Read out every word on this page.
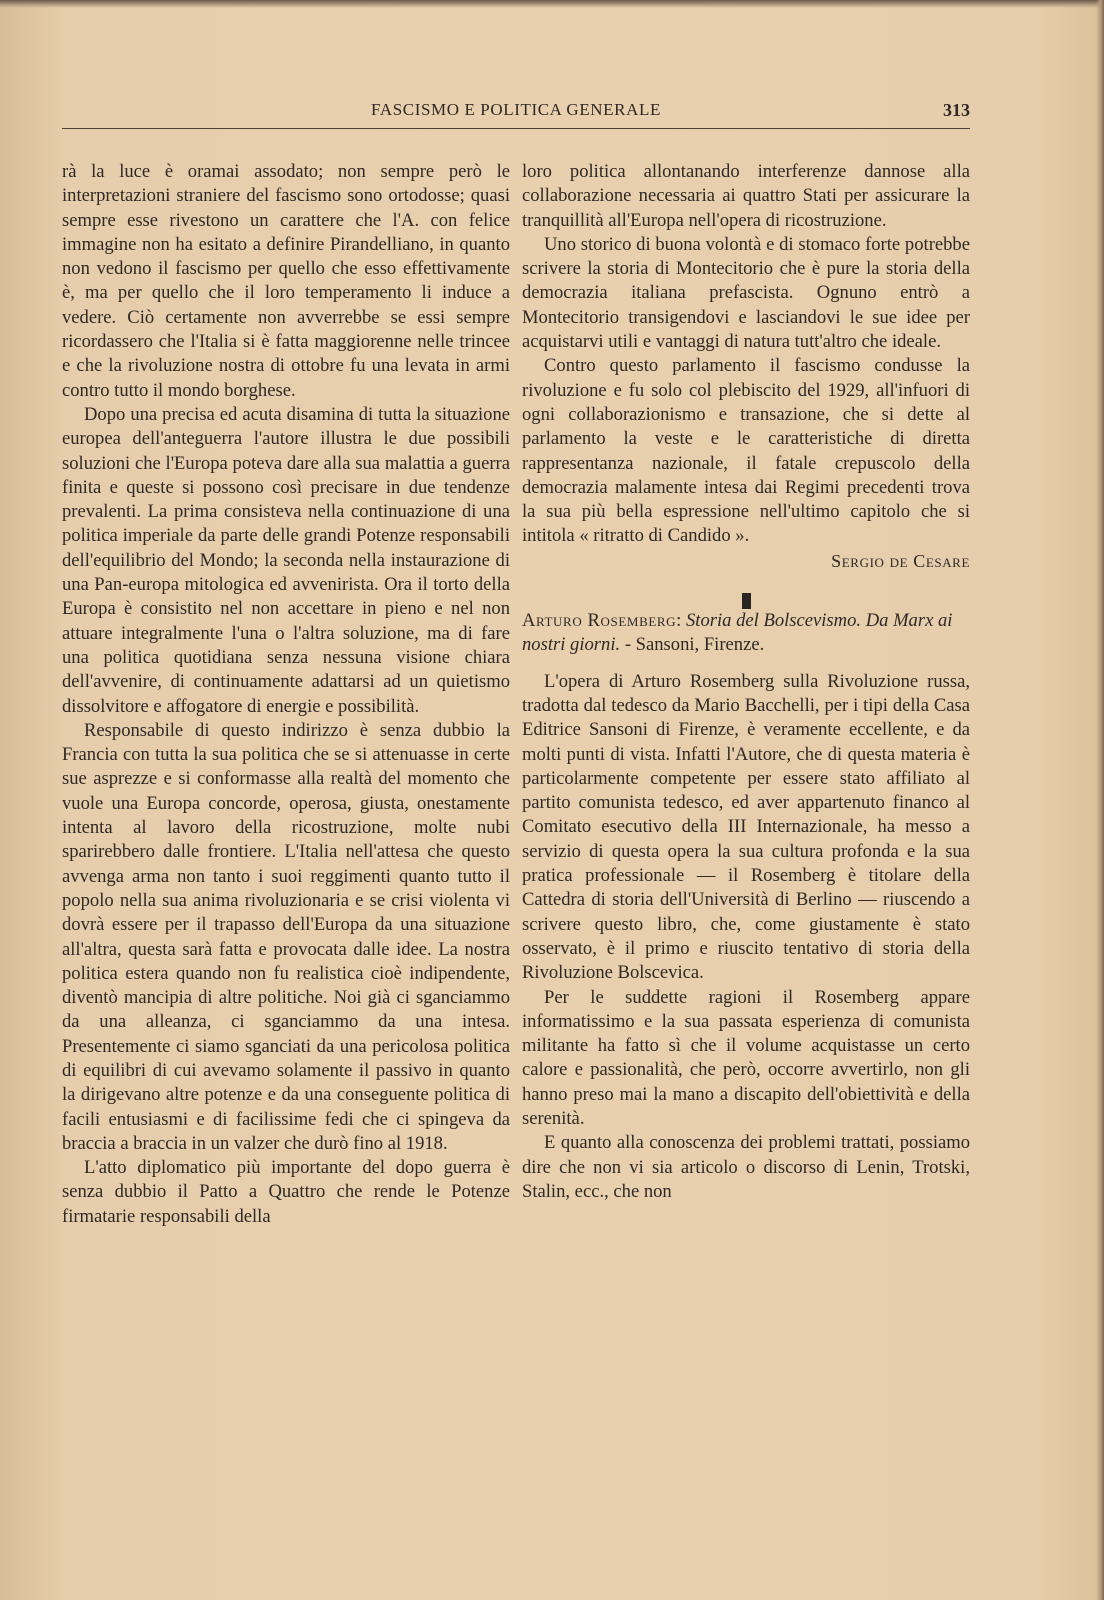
FASCISMO E POLITICA GENERALE	313

rà la luce è oramai assodato; non sempre però le interpretazioni straniere del fascismo sono ortodosse; quasi sempre esse rivestono un carattere che l'A. con felice immagine non ha esitato a definire Pirandelliano, in quanto non vedono il fascismo per quello che esso effettivamente è, ma per quello che il loro temperamento li induce a vedere. Ciò certamente non avverrebbe se essi sempre ricordassero che l'Italia si è fatta maggiorenne nelle trincee e che la rivoluzione nostra di ottobre fu una levata in armi contro tutto il mondo borghese.

Dopo una precisa ed acuta disamina di tutta la situazione europea dell'anteguerra l'autore illustra le due possibili soluzioni che l'Europa poteva dare alla sua malattia a guerra finita e queste si possono così precisare in due tendenze prevalenti. La prima consisteva nella continuazione di una politica imperiale da parte delle grandi Potenze responsabili dell'equilibrio del Mondo; la seconda nella instaurazione di una Pan-europa mitologica ed avvenirista. Ora il torto della Europa è consistito nel non accettare in pieno e nel non attuare integralmente l'una o l'altra soluzione, ma di fare una politica quotidiana senza nessuna visione chiara dell'avvenire, di continuamente adattarsi ad un quietismo dissolvitore e affogatore di energie e possibilità.

Responsabile di questo indirizzo è senza dubbio la Francia con tutta la sua politica che se si attenuasse in certe sue asprezze e si conformasse alla realtà del momento che vuole una Europa concorde, operosa, giusta, onestamente intenta al lavoro della ricostruzione, molte nubi sparirebbero dalle frontiere. L'Italia nell'attesa che questo avvenga arma non tanto i suoi reggimenti quanto tutto il popolo nella sua anima rivoluzionaria e se crisi violenta vi dovrà essere per il trapasso dell'Europa da una situazione all'altra, questa sarà fatta e provocata dalle idee. La nostra politica estera quando non fu realistica cioè indipendente, diventò mancipia di altre politiche. Noi già ci sganciammo da una alleanza, ci sganciammo da una intesa. Presentemente ci siamo sganciati da una pericolosa politica di equilibri di cui avevamo solamente il passivo in quanto la dirigevano altre potenze e da una conseguente politica di facili entusiasmi e di facilissime fedi che ci spingeva da braccia a braccia in un valzer che durò fino al 1918.

L'atto diplomatico più importante del dopo guerra è senza dubbio il Patto a Quattro che rende le Potenze firmatarie responsabili della

loro politica allontanando interferenze dannose alla collaborazione necessaria ai quattro Stati per assicurare la tranquillità all'Europa nell'opera di ricostruzione.

Uno storico di buona volontà e di stomaco forte potrebbe scrivere la storia di Montecitorio che è pure la storia della democrazia italiana prefascista. Ognuno entrò a Montecitorio transigendovi e lasciandovi le sue idee per acquistarvi utili e vantaggi di natura tutt'altro che ideale.

Contro questo parlamento il fascismo condusse la rivoluzione e fu solo col plebiscito del 1929, all'infuori di ogni collaborazionismo e transazione, che si dette al parlamento la veste e le caratteristiche di diretta rappresentanza nazionale, il fatale crepuscolo della democrazia malamente intesa dai Regimi precedenti trova la sua più bella espressione nell'ultimo capitolo che si intitola « ritratto di Candido ».

Sergio de Cesare

Arturo Rosemberg: Storia del Bolscevismo. Da Marx ai nostri giorni. - Sansoni, Firenze.

L'opera di Arturo Rosemberg sulla Rivoluzione russa, tradotta dal tedesco da Mario Bacchelli, per i tipi della Casa Editrice Sansoni di Firenze, è veramente eccellente, e da molti punti di vista. Infatti l'Autore, che di questa materia è particolarmente competente per essere stato affiliato al partito comunista tedesco, ed aver appartenuto financo al Comitato esecutivo della III Internazionale, ha messo a servizio di questa opera la sua cultura profonda e la sua pratica professionale — il Rosemberg è titolare della Cattedra di storia dell'Università di Berlino — riuscendo a scrivere questo libro, che, come giustamente è stato osservato, è il primo e riuscito tentativo di storia della Rivoluzione Bolscevica.

Per le suddette ragioni il Rosemberg appare informatissimo e la sua passata esperienza di comunista militante ha fatto sì che il volume acquistasse un certo calore e passionalità, che però, occorre avvertirlo, non gli hanno preso mai la mano a discapito dell'obiettività e della serenità.

E quanto alla conoscenza dei problemi trattati, possiamo dire che non vi sia articolo o discorso di Lenin, Trotski, Stalin, ecc., che non
